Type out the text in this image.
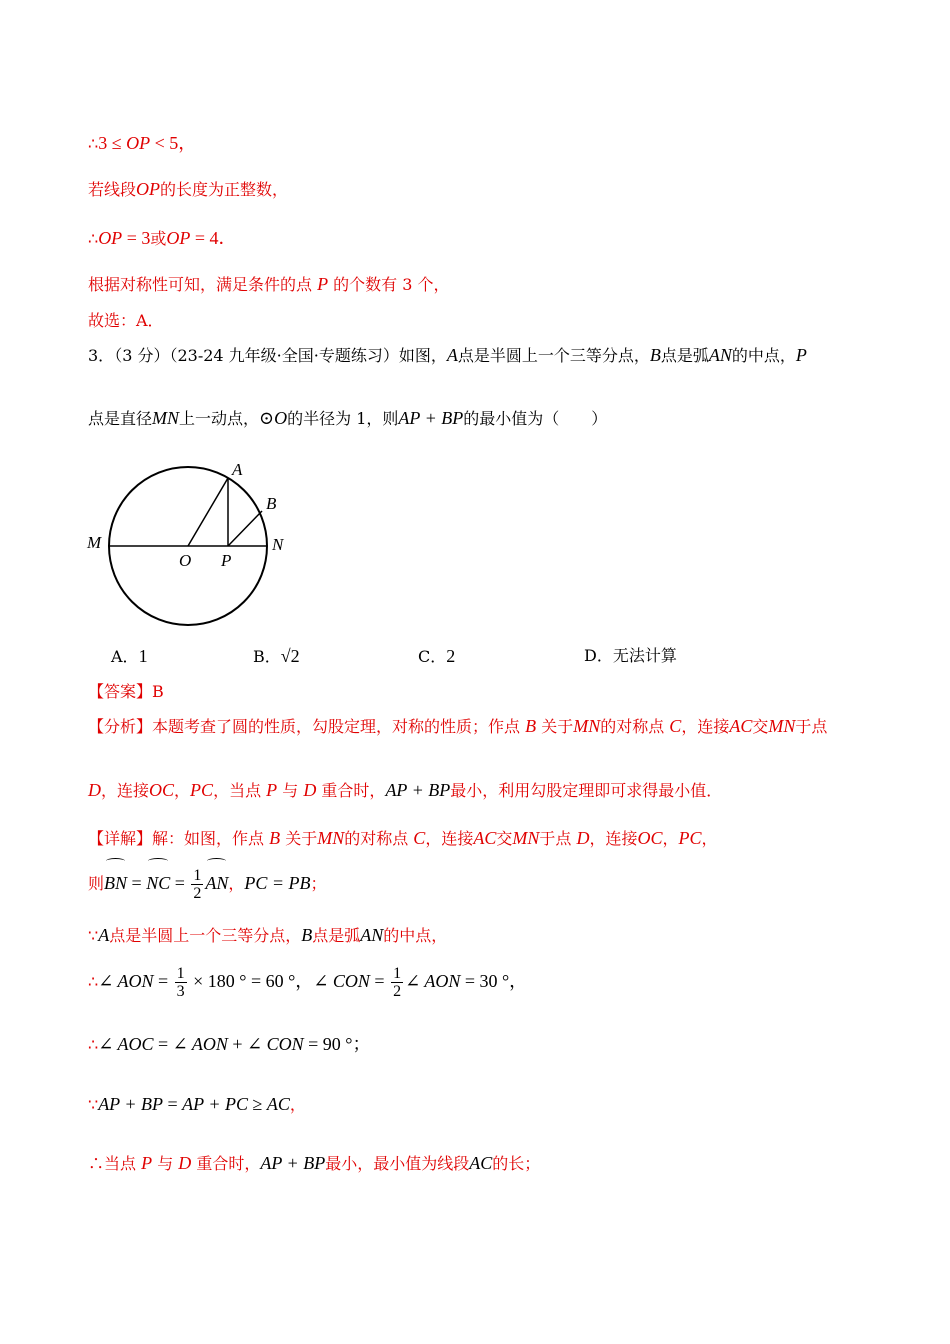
∴3 ≤ OP < 5，
若线段OP的长度为正整数，
∴OP = 3或OP = 4．
根据对称性可知，满足条件的点 P 的个数有 3 个，
故选：A．
3．（3 分）（23-24 九年级·全国·专题练习）如图，A点是半圆上一个三等分点，B点是弧AN的中点，P
点是直径MN上一动点，⊙O的半径为 1，则AP + BP的最小值为（　　）
A
B
M	N
O P
A．1	B．√2	C．2	D．无法计算
【答案】B
【分析】本题考查了圆的性质，勾股定理，对称的性质；作点 B 关于MN的对称点 C，连接AC交MN于点
D，连接OC，PC，当点 P 与 D 重合时，AP + BP最小，利用勾股定理即可求得最小值．
【详解】解：如图，作点 B 关于MN的对称点 C，连接AC交MN于点 D，连接OC，PC，
则BN = NC = $\frac{1}{2}$ AN，PC = PB；
∵A点是半圆上一个三等分点，B点是弧AN的中点，
∴∠ AON = $\frac{1}{3} \times 180$ ° = 60 °，∠ CON = $\frac{1}{2}$ ∠ AON = 30 °，
∴∠ AOC = ∠ AON + ∠ CON = 90 °；
∵AP + BP = AP + PC ≥ AC，
∴当点 P 与 D 重合时，AP + BP最小，最小值为线段AC的长；
